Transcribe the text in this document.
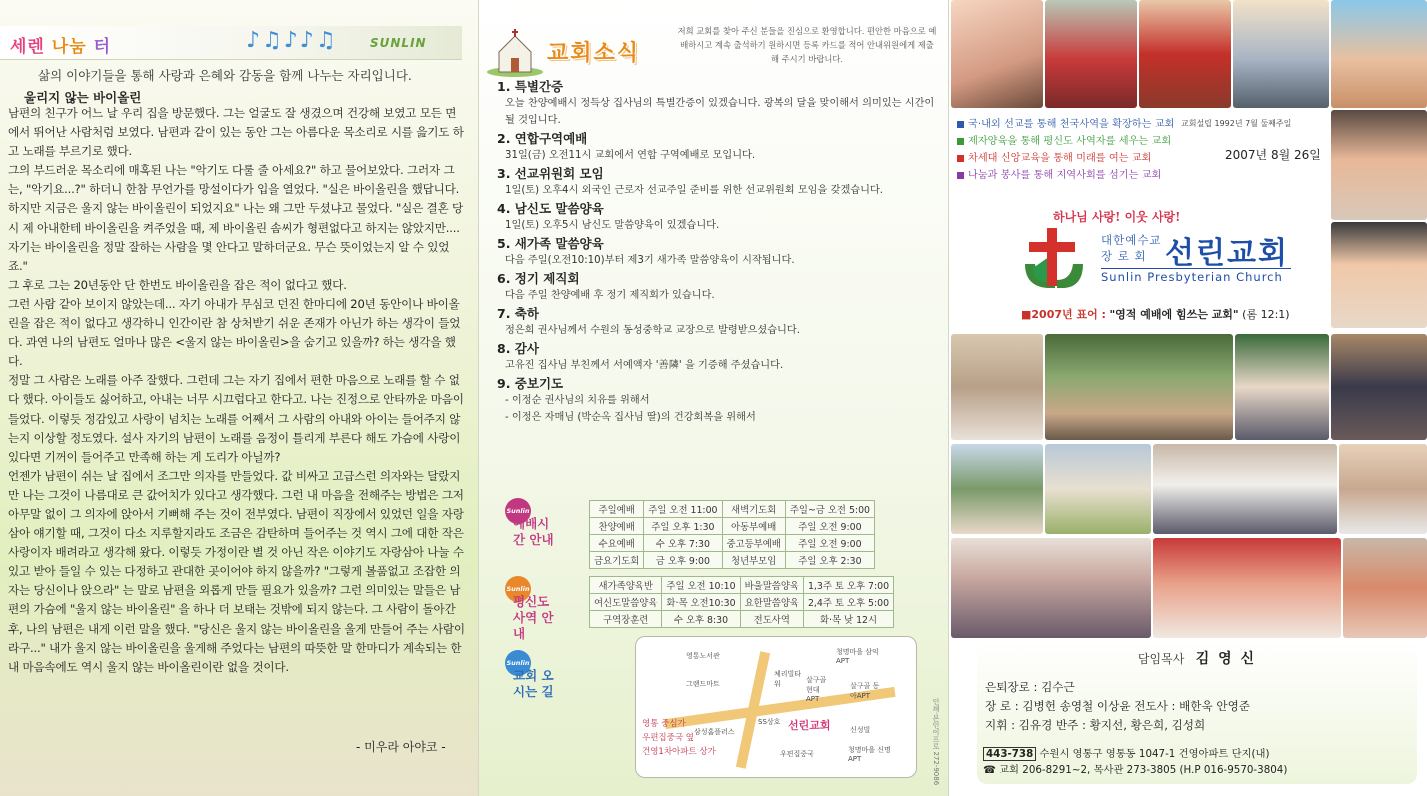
세렌 나눔 터	♪♫♪♪♫	SUNLIN
삶의 이야기들을 통해 사랑과 은혜와 감동을 함께 나누는 자리입니다.
울리지 않는 바이올린

남편의 친구가 어느 날 우리 집을 방문했다. 그는 얼굴도 잘 생겼으며 건강해 보였고 모든 면에서 뛰어난 사람처럼 보였다. 남편과 같이 있는 동안 그는 아름다운 목소리로 시를 읊기도 하고 노래를 부르기로 했다.

그의 부드러운 목소리에 매혹된 나는 "악기도 다룰 줄 아세요?" 하고 물어보았다. 그러자 그는, "악기요...?" 하더니 한참 무언가를 망설이다가 입을 열었다. "실은 바이올린을 했답니다. 하지만 지금은 울지 않는 바이올린이 되었지요" 나는 왜 그만 두셨냐고 물었다. "실은 결혼 당시 제 아내한테 바이올린을 켜주었을 때, 제 바이올린 솜씨가 형편없다고 하지는 않았지만.... 자기는 바이올린을 정말 잘하는 사람을 몇 안다고 말하더군요. 무슨 뜻이었는지 알 수 있었죠."

그 후로 그는 20년동안 단 한번도 바이올린을 잡은 적이 없다고 했다.

그런 사람 같아 보이지 않았는데... 자기 아내가 무심코 던진 한마디에 20년 동안이나 바이올린을 잡은 적이 없다고 생각하니 인간이란 참 상처받기 쉬운 존재가 아닌가 하는 생각이 들었다. 과연 나의 남편도 얼마나 많은 <울지 않는 바이올린>을 숨기고 있을까? 하는 생각을 했다.

정말 그 사람은 노래를 아주 잘했다. 그런데 그는 자기 집에서 편한 마음으로 노래를 할 수 없다 했다. 아이들도 싫어하고, 아내는 너무 시끄럽다고 한다고. 나는 진정으로 안타까운 마음이 들었다. 이렇듯 정감있고 사랑이 넘치는 노래를 어째서 그 사람의 아내와 아이는 들어주지 않는지 이상할 정도였다. 설사 자기의 남편이 노래를 음정이 틀리게 부른다 해도 가슴에 사랑이 있다면 기꺼이 들어주고 만족해 하는 게 도리가 아닐까?

언젠가 남편이 쉬는 날 집에서 조그만 의자를 만들었다. 값 비싸고 고급스런 의자와는 달랐지만 나는 그것이 나름대로 큰 값어치가 있다고 생각했다. 그런 내 마음을 전해주는 방법은 그저 아무말 없이 그 의자에 앉아서 기뻐해 주는 것이 전부였다. 남편이 직장에서 있었던 일을 자랑삼아 얘기할 때, 그것이 다소 지루할지라도 조금은 감탄하며 들어주는 것 역시 그에 대한 작은 사랑이자 배려라고 생각해 왔다. 이렇듯 가정이란 별 것 아닌 작은 이야기도 자랑삼아 나눌 수 있고 받아 들일 수 있는 다정하고 관대한 곳이어야 하지 않을까? "그렇게 볼품없고 조잡한 의자는 당신이나 앉으라" 는 말로 남편을 외롭게 만들 필요가 있을까? 그런 의미있는 말들은 남편의 가슴에 "울지 않는 바이올린" 을 하나 더 보태는 것밖에 되지 않는다. 그 사람이 돌아간 후, 나의 남편은 내게 이런 말을 했다. "당신은 울지 않는 바이올린을 울게 만들어 주는 사람이라구..." 내가 울지 않는 바이올린을 울게해 주었다는 남편의 따뜻한 말 한마디가 계속되는 한 내 마음속에도 역시 울지 않는 바이올린이란 없을 것이다.

- 미우라 아야코 -
교회소식
저희 교회를 찾아 주신 분들을 진심으로 환영합니다. 편안한 마음으로 예배하시고 계속 출석하기 원하시면 등록 카드를 적어 안내위원에게 제출해 주시기 바랍니다.
1. 특별간증
오늘 찬양예배시 정득상 집사님의 특별간증이 있겠습니다. 광복의 달을 맞이해서 의미있는 시간이 될 것입니다.
2. 연합구역예배
31일(금) 오전11시 교회에서 연합 구역예배로 모입니다.
3. 선교위원회 모임
1일(토) 오후4시 외국인 근로자 선교주일 준비를 위한 선교위원회 모임을 갖겠습니다.
4. 남신도 말씀양육
1일(토) 오후5시 남신도 말씀양육이 있겠습니다.
5. 새가족 말씀양육
다음 주일(오전10:10)부터 제3기 새가족 말씀양육이 시작됩니다.
6. 정기 제직회
다음 주일 찬양예배 후 정기 제직회가 있습니다.
7. 축하
정은희 권사님께서 수원의 동성중학교 교장으로 발령받으셨습니다.
8. 감사
고유진 집사님 부친께서 서예액자 '善隣' 을 기증해 주셨습니다.
9. 중보기도
- 이정순 권사님의 치유를 위해서
- 이정은 자매님 (박순옥 집사님 딸)의 건강회복을 위해서
Sunlin
예배시간 안내
주일예배	주일 오전 11:00	새벽기도회	주일~금 오전 5:00
찬양예배	주일 오후 1:30	아동부예배	주일 오전 9:00
수요예배	수 오후 7:30	중고등부예배	주일 오전 9:00
금요기도회	금 오후 9:00	청년부모임	주일 오후 2:30
Sunlin
평신도 사역 안내
새가족양육반	주일 오전 10:10	바울말씀양육	1,3주 토 오후 7:00
여신도말씀양육	화·목 오전10:30	요한말씀양육	2,4주 토 오후 5:00
구역장훈련	수 오후 8:30	전도사역	화·목 낮 12시
Sunlin
교회 오시는 길
영통노서관	청명마을 삼익APT
그랜드마트
체리빌타워	살구골 현대APT
살구골 동아APT
SS상호
삼성홈플러스	신성빌
우편집중국	청명마을 신명APT
선린교회
영통 중심가
우편집중국 옆
건영1차아파트 상가	인쇄·본인이프로 272-9086
국·내외 선교를 통해 천국사역을 확장하는 교회
제자양육을 통해 평신도 사역자를 세우는 교회
차세대 신앙교육을 통해 미래를 여는 교회
나눔과 봉사를 통해 지역사회를 섬기는 교회
교회설립 1992년 7월 둘째주일
2007년 8월 26일
하나님 사랑! 이웃 사랑!
대한예수교
장 로 회 선린교회
Sunlin Presbyterian Church
■2007년 표어 : "영적 예배에 힘쓰는 교회" (롬 12:1)
담임목사 김 영 신
은퇴장로 : 김수근
장 로 : 김병헌 송영철 이상윤 전도사 : 배한욱 안영준
지휘 : 김유경 반주 : 황지선, 황은희, 김성희
443-738 수원시 영통구 영통동 1047-1 건영아파트 단지(내)
☎ 교회 206-8291~2, 목사관 273-3805 (H.P 016-9570-3804)
